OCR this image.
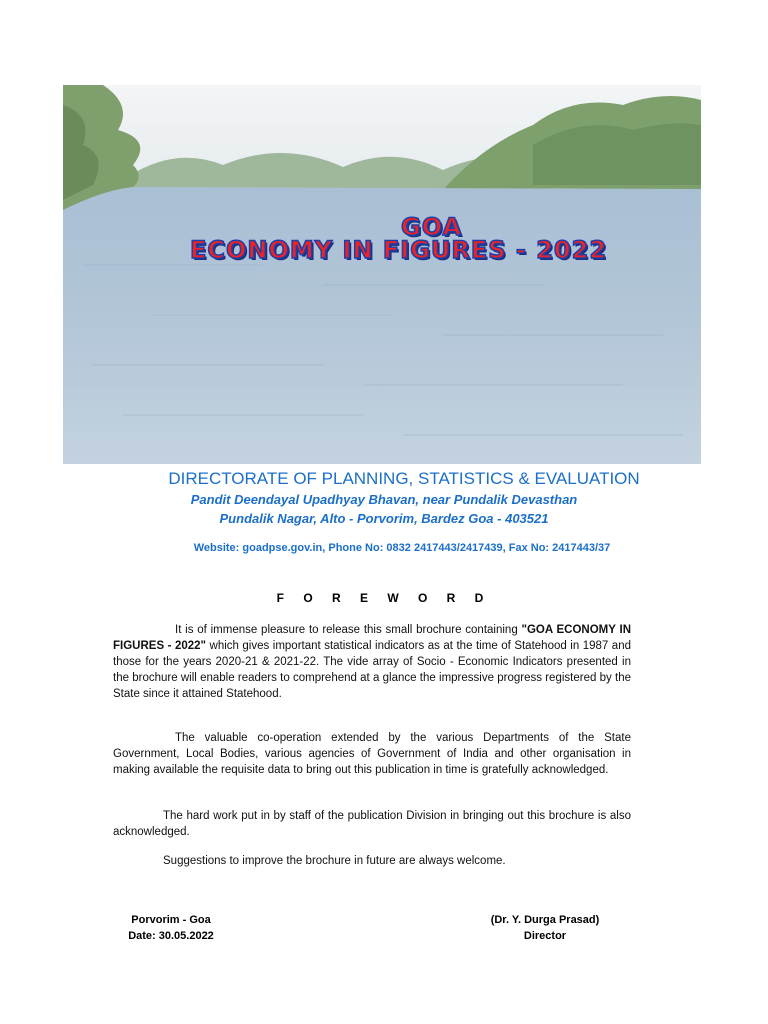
GOA
ECONOMY IN FIGURES - 2022
DIRECTORATE OF PLANNING, STATISTICS & EVALUATION
Pandit Deendayal Upadhyay Bhavan, near Pundalik Devasthan
Pundalik Nagar, Alto - Porvorim, Bardez Goa - 403521
Website: goadpse.gov.in, Phone No: 0832 2417443/2417439, Fax No: 2417443/37
F O R E W O R D
It is of immense pleasure to release this small brochure containing "GOA ECONOMY IN FIGURES - 2022" which gives important statistical indicators as at the time of Statehood in 1987 and those for the years 2020-21 & 2021-22. The vide array of Socio - Economic Indicators presented in the brochure will enable readers to comprehend at a glance the impressive progress registered by the State since it attained Statehood.
The valuable co-operation extended by the various Departments of the State Government, Local Bodies, various agencies of Government of India and other organisation in making available the requisite data to bring out this publication in time is gratefully acknowledged.
The hard work put in by staff of the publication Division in bringing out this brochure is also acknowledged.
Suggestions to improve the brochure in future are always welcome.
Porvorim - Goa
Date: 30.05.2022
(Dr. Y. Durga Prasad)
Director
